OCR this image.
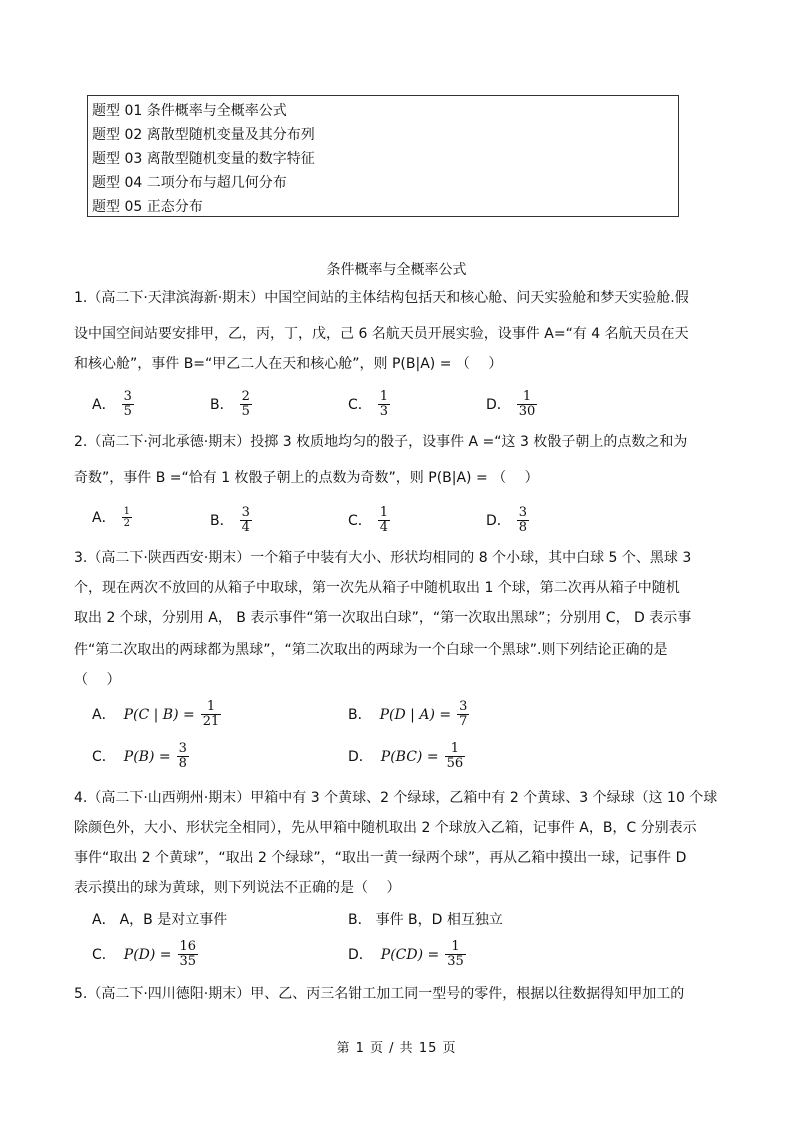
题型 01 条件概率与全概率公式
题型 02 离散型随机变量及其分布列
题型 03 离散型随机变量的数字特征
题型 04 二项分布与超几何分布
题型 05 正态分布
条件概率与全概率公式
1.（高二下·天津滨海新·期末）中国空间站的主体结构包括天和核心舱、问天实验舱和梦天实验舱.假
设中国空间站要安排甲，乙，丙，丁，戊，己 6 名航天员开展实验，设事件 A=“有 4 名航天员在天
和核心舱”，事件 B=“甲乙二人在天和核心舱”，则 P(B|A) = （　 ）
A． $\frac{3}{5}$	B． $\frac{2}{5}$	C． $\frac{1}{3}$	D． $\frac{1}{30}$
2.（高二下·河北承德·期末）投掷 3 枚质地均匀的骰子，设事件 A =“这 3 枚骰子朝上的点数之和为
奇数”，事件 B =“恰有 1 枚骰子朝上的点数为奇数”，则 P(B|A) = （　 ）
A． $\frac{1}{2}$	B． $\frac{3}{4}$	C． $\frac{1}{4}$	D． $\frac{3}{8}$
3.（高二下·陕西西安·期末）一个箱子中装有大小、形状均相同的 8 个小球，其中白球 5 个、黑球 3
个，现在两次不放回的从箱子中取球，第一次先从箱子中随机取出 1 个球，第二次再从箱子中随机
取出 2 个球，分别用 A， B 表示事件“第一次取出白球”，“第一次取出黑球”；分别用 C， D 表示事
件“第二次取出的两球都为黑球”，“第二次取出的两球为一个白球一个黑球”.则下列结论正确的是
（　 ）
A． P(C | $B) = \frac{1}{21}$	B． P(D | $A) = \frac{3}{7}$
C． $P(B) = \frac{3}{8}$	D． $P(BC) = \frac{1}{56}$
4.（高二下·山西朔州·期末）甲箱中有 3 个黄球、2 个绿球，乙箱中有 2 个黄球、3 个绿球（这 10 个球
除颜色外，大小、形状完全相同），先从甲箱中随机取出 2 个球放入乙箱，记事件 A，B，C 分别表示
事件“取出 2 个黄球”，“取出 2 个绿球”，“取出一黄一绿两个球”，再从乙箱中摸出一球，记事件 D
表示摸出的球为黄球，则下列说法不正确的是（　 ）
A． A，B 是对立事件	B． 事件 B，D 相互独立
C． $P(D) = \frac{16}{35}$	D． $P(CD) = \frac{1}{35}$
5.（高二下·四川德阳·期末）甲、乙、丙三名钳工加工同一型号的零件，根据以往数据得知甲加工的
第 1 页 / 共 15 页
